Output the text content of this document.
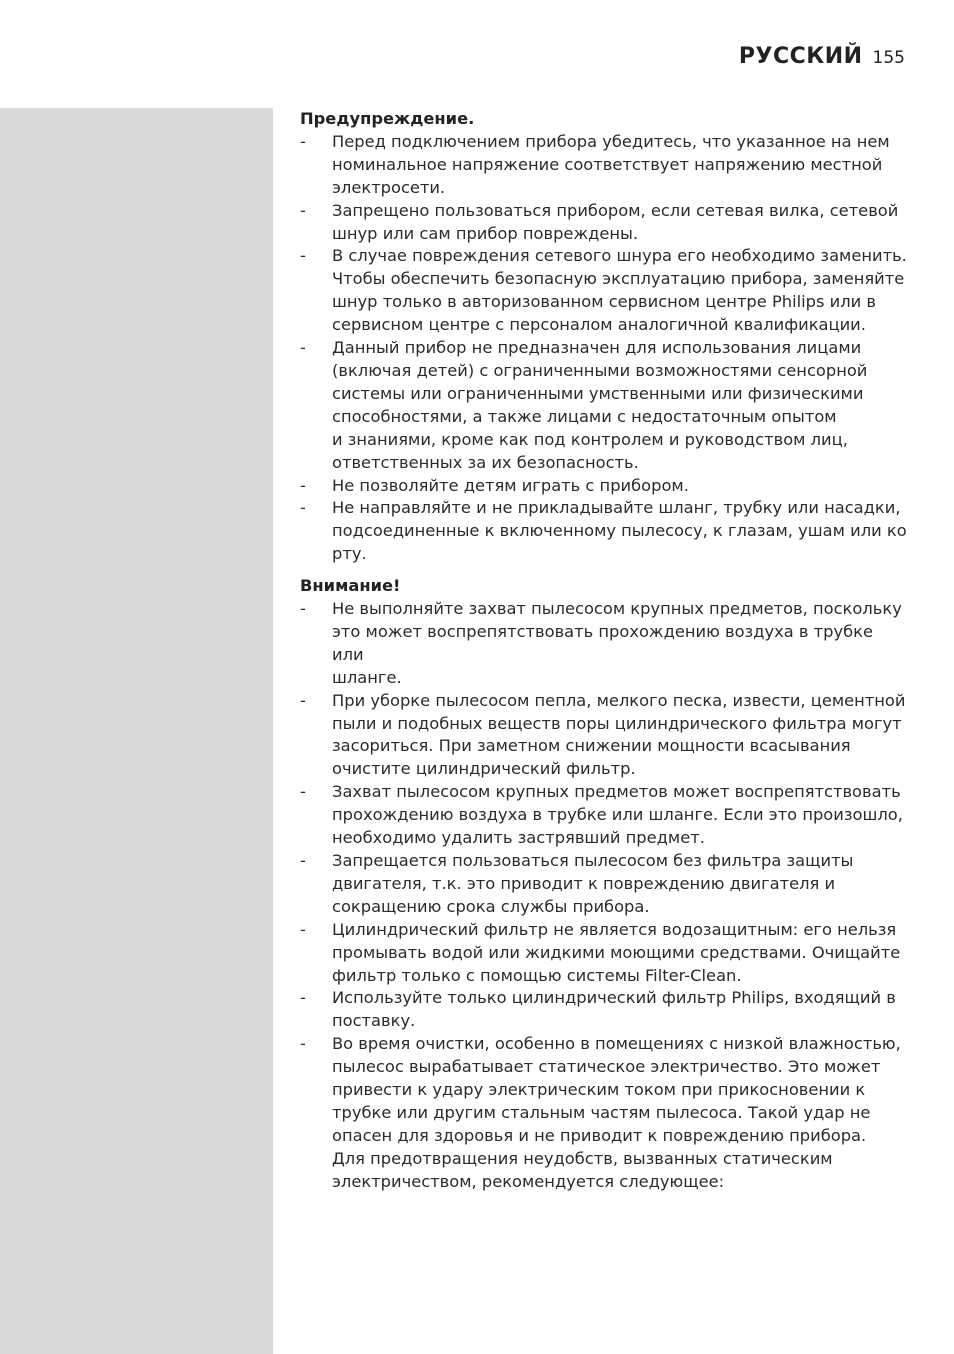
РУССКИЙ 155
Предупреждение.
- Перед подключением прибора убедитесь, что указанное на нем
номинальное напряжение соответствует напряжению местной
электросети.
- Запрещено пользоваться прибором, если сетевая вилка, сетевой
шнур или сам прибор повреждены.
- В случае повреждения сетевого шнура его необходимо заменить.
Чтобы обеспечить безопасную эксплуатацию прибора, заменяйте
шнур только в авторизованном сервисном центре Philips или в
сервисном центре с персоналом аналогичной квалификации.
- Данный прибор не предназначен для использования лицами
(включая детей) с ограниченными возможностями сенсорной
системы или ограниченными умственными или физическими
способностями, а также лицами с недостаточным опытом
и знаниями, кроме как под контролем и руководством лиц,
ответственных за их безопасность.
- Не позволяйте детям играть с прибором.
- Не направляйте и не прикладывайте шланг, трубку или насадки,
подсоединенные к включенному пылесосу, к глазам, ушам или ко
рту.
Внимание!
- Не выполняйте захват пылесосом крупных предметов, поскольку
это может воспрепятствовать прохождению воздуха в трубке или
шланге.
- При уборке пылесосом пепла, мелкого песка, извести, цементной
пыли и подобных веществ поры цилиндрического фильтра могут
засориться. При заметном снижении мощности всасывания
очистите цилиндрический фильтр.
- Захват пылесосом крупных предметов может воспрепятствовать
прохождению воздуха в трубке или шланге. Если это произошло,
необходимо удалить застрявший предмет.
- Запрещается пользоваться пылесосом без фильтра защиты
двигателя, т.к. это приводит к повреждению двигателя и
сокращению срока службы прибора.
- Цилиндрический фильтр не является водозащитным: его нельзя
промывать водой или жидкими моющими средствами. Очищайте
фильтр только с помощью системы Filter-Clean.
- Используйте только цилиндрический фильтр Philips, входящий в
поставку.
- Во время очистки, особенно в помещениях с низкой влажностью,
пылесос вырабатывает статическое электричество. Это может
привести к удару электрическим током при прикосновении к
трубке или другим стальным частям пылесоса. Такой удар не
опасен для здоровья и не приводит к повреждению прибора.
Для предотвращения неудобств, вызванных статическим
электричеством, рекомендуется следующее:
